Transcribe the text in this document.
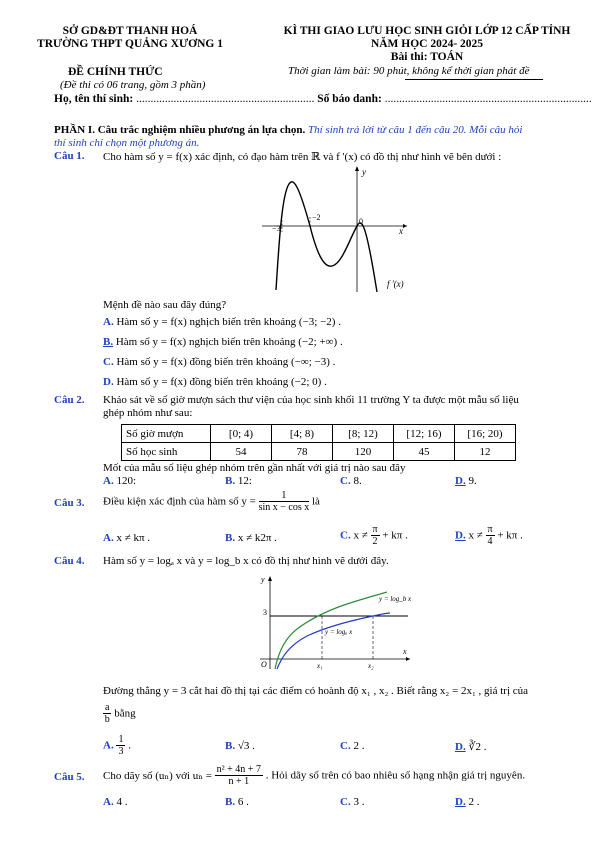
SỞ GD&ĐT THANH HOÁ
TRƯỜNG THPT QUẢNG XƯƠNG 1
KÌ THI GIAO LƯU HỌC SINH GIỎI LỚP 12 CẤP TỈNH
NĂM HỌC 2024- 2025
Bài thi: TOÁN
ĐỀ CHÍNH THỨC	Thời gian làm bài: 90 phút, không kể thời gian phát đề
(Đề thi có 06 trang, gồm 3 phần)
Họ, tên thí sinh: .............................................................. Số báo danh: ........................................................................
PHẦN I. Câu trắc nghiệm nhiều phương án lựa chọn. Thí sinh trả lời từ câu 1 đến câu 20. Mỗi câu hỏi
thí sinh chỉ chọn một phương án.
Câu 1. Cho hàm số y = f(x) xác định, có đạo hàm trên ℝ và f '(x) có đồ thị như hình vẽ bên dưới :
y
x
−3
−2	0
f '(x)
Mệnh đề nào sau đây đúng?
A. Hàm số y = f(x) nghịch biến trên khoảng (−3; −2) .
B. Hàm số y = f(x) nghịch biến trên khoảng (−2; +∞) .
C. Hàm số y = f(x) đồng biến trên khoảng (−∞; −3) .
D. Hàm số y = f(x) đồng biến trên khoảng (−2; 0) .
Câu 2. Khảo sát về số giờ mượn sách thư viện của học sinh khối 11 trường Y ta được một mẫu số liệu
ghép nhóm như sau:
Số giờ mượn	[0; 4)	[4; 8)	[8; 12)	[12; 16)	[16; 20)
Số học sinh	54	78	120	45	12
Mốt của mẫu số liệu ghép nhóm trên gần nhất với giá trị nào sau đây
A. 120:	B. 12:	C. 8.	D. 9.
Câu 3. Điều kiện xác định của hàm số $y = \frac{1}{\text{sin x − cos x}}$ là
A. x ≠ kπ .	B. x ≠ k2π .	C. $x \ne \frac{\pi}{2} + k\pi$ .	D. $x \ne \frac{\pi}{4} + k\pi$ .
Câu 4. Hàm số y = logₐ x và y = log_b x có đồ thị như hình vẽ dưới đây.
y
x
O
3
x₁	x₂
y = log_b x
y = logₐ x
Đường thẳng y = 3 cắt hai đồ thị tại các điểm có hoành độ x₁ , x₂ . Biết rằng x₂ = 2x₁ , giá trị của
$\frac{a}{b}$ bằng
A. $\frac{1}{3}$ .	B. √3 .	C. 2 .	D. ∛2 .
Câu 5. Cho dãy số (uₙ) với $u_n = \frac{\text{n² + 4n + 7}}{n + 1}$ . Hỏi dãy số trên có bao nhiêu số hạng nhận giá trị nguyên.
A. 4 .	B. 6 .	C. 3 .	D. 2 .
